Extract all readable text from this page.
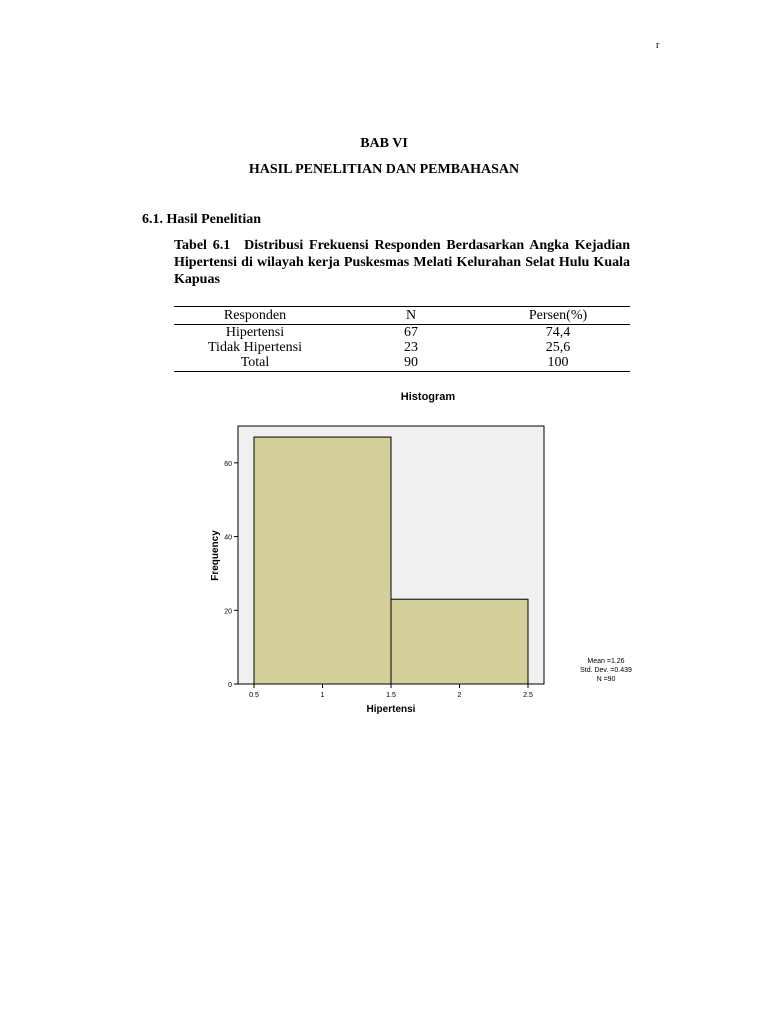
r
BAB VI
HASIL PENELITIAN DAN PEMBAHASAN
6.1. Hasil Penelitian
Tabel 6.1 Distribusi Frekuensi Responden Berdasarkan Angka Kejadian Hipertensi di wilayah kerja Puskesmas Melati Kelurahan Selat Hulu Kuala Kapuas
Responden	N	Persen(%)
Hipertensi	67	74,4
Tidak Hipertensi	23	25,6
Total	90	100
Histogram
0
20
40
60
0.5	1	1.5	2	2.5
Hipertensi
Frequency
Mean =1.26
Std. Dev. =0.439
N =90
